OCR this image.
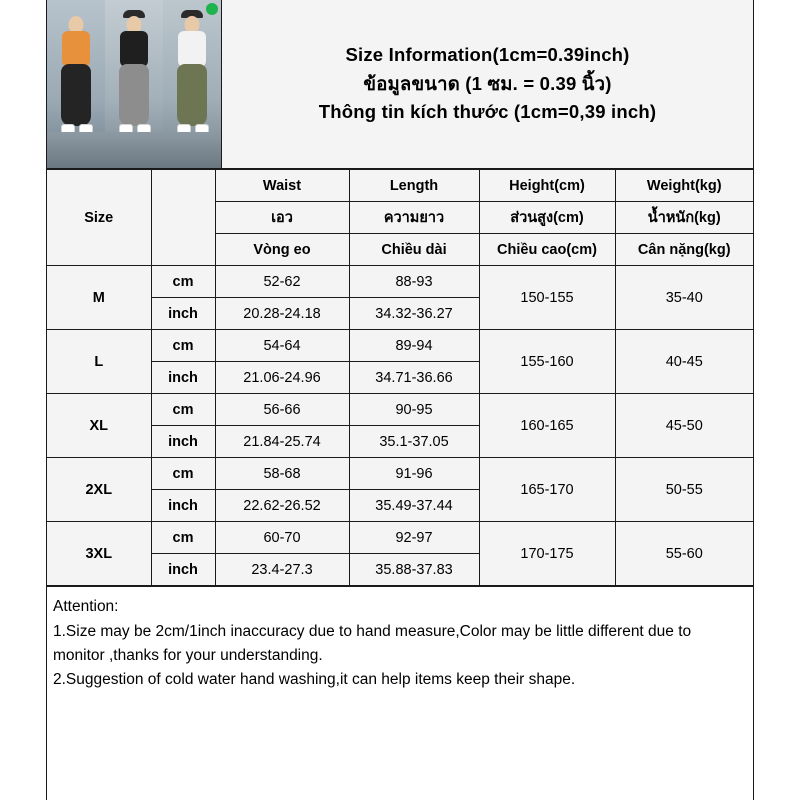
Size Information(1cm=0.39inch)
ข้อมูลขนาด (1 ซม. = 0.39 นิ้ว)
Thông tin kích thước (1cm=0,39 inch)
Size		Waist	Length	Height(cm)	Weight(kg)
		เอว	ความยาว	ส่วนสูง(cm)	น้ำหนัก(kg)
		Vòng eo	Chiều dài	Chiều cao(cm)	Cân nặng(kg)
M	cm	52-62	88-93	150-155	35-40
	inch	20.28-24.18	34.32-36.27		
L	cm	54-64	89-94	155-160	40-45
	inch	21.06-24.96	34.71-36.66		
XL	cm	56-66	90-95	160-165	45-50
	inch	21.84-25.74	35.1-37.05		
2XL	cm	58-68	91-96	165-170	50-55
	inch	22.62-26.52	35.49-37.44		
3XL	cm	60-70	92-97	170-175	55-60
	inch	23.4-27.3	35.88-37.83		
Attention:
1.Size may be 2cm/1inch inaccuracy due to hand measure,Color may be little different due to monitor ,thanks for your understanding.
2.Suggestion of cold water hand washing,it can help items keep their shape.
